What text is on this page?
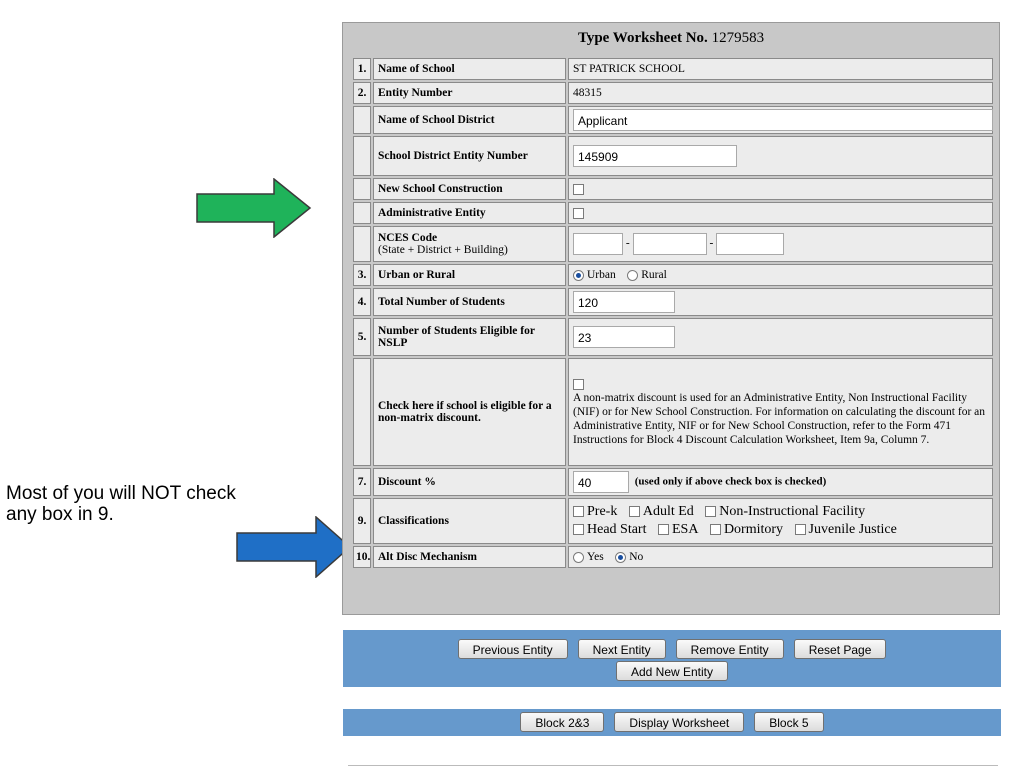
Most of you will NOT check any box in 9.
Type Worksheet No. 1279583
1.	Name of School	ST PATRICK SCHOOL
2.	Entity Number	48315
	Name of School District	Applicant
	School District Entity Number	145909
	New School Construction	
	Administrative Entity	
	NCES Code
(State + District + Building)	- -
3.	Urban or Rural	Urban Rural
4.	Total Number of Students	120
5.	Number of Students Eligible for NSLP	23
	Check here if school is eligible for a non-matrix discount.	A non-matrix discount is used for an Administrative Entity, Non Instructional Facility (NIF) or for New School Construction. For information on calculating the discount for an Administrative Entity, NIF or for New School Construction, refer to the Form 471 Instructions for Block 4 Discount Calculation Worksheet, Item 9a, Column 7.
7.	Discount %	40 (used only if above check box is checked)
9.	Classifications	Pre-k Adult Ed Non-Instructional Facility
Head Start ESA Dormitory Juvenile Justice

10.	Alt Disc Mechanism	Yes No
Previous Entity	Next Entity	Remove Entity	Reset Page
Add New Entity
Block 2&3	Display Worksheet	Block 5
